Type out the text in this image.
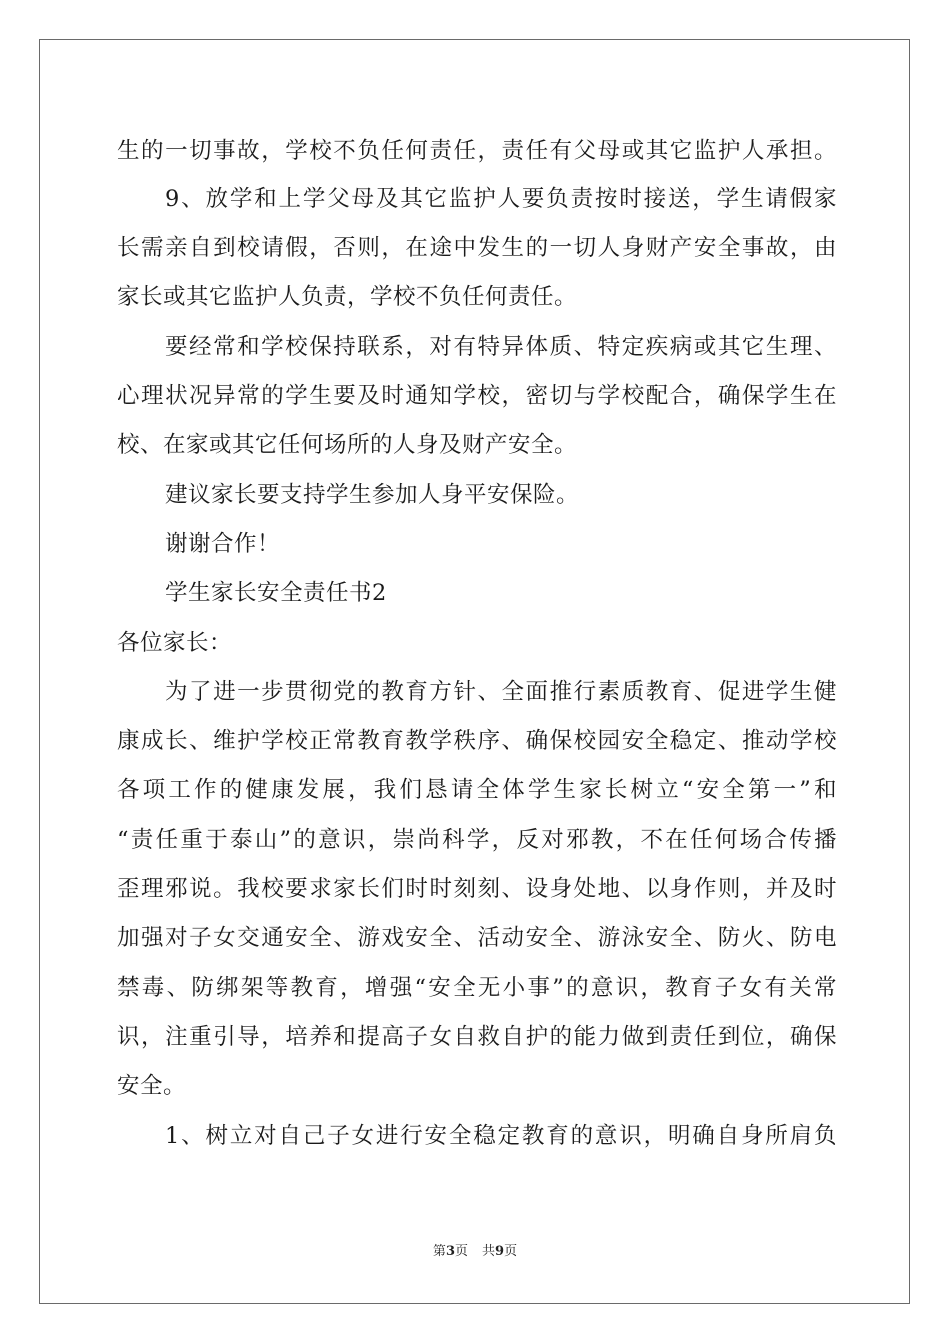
生的一切事故，学校不负任何责任，责任有父母或其它监护人承担。
9、放学和上学父母及其它监护人要负责按时接送，学生请假家
长需亲自到校请假，否则，在途中发生的一切人身财产安全事故，由
家长或其它监护人负责，学校不负任何责任。
要经常和学校保持联系，对有特异体质、特定疾病或其它生理、
心理状况异常的学生要及时通知学校，密切与学校配合，确保学生在
校、在家或其它任何场所的人身及财产安全。
建议家长要支持学生参加人身平安保险。
谢谢合作！
学生家长安全责任书2
各位家长：
为了进一步贯彻党的教育方针、全面推行素质教育、促进学生健
康成长、维护学校正常教育教学秩序、确保校园安全稳定、推动学校
各项工作的健康发展，我们恳请全体学生家长树立“安全第一”和
“责任重于泰山”的意识，崇尚科学，反对邪教，不在任何场合传播
歪理邪说。我校要求家长们时时刻刻、设身处地、以身作则，并及时
加强对子女交通安全、游戏安全、活动安全、游泳安全、防火、防电
禁毒、防绑架等教育，增强“安全无小事”的意识，教育子女有关常
识，注重引导，培养和提高子女自救自护的能力做到责任到位，确保
安全。
1、树立对自己子女进行安全稳定教育的意识，明确自身所肩负
第3页 共9页
